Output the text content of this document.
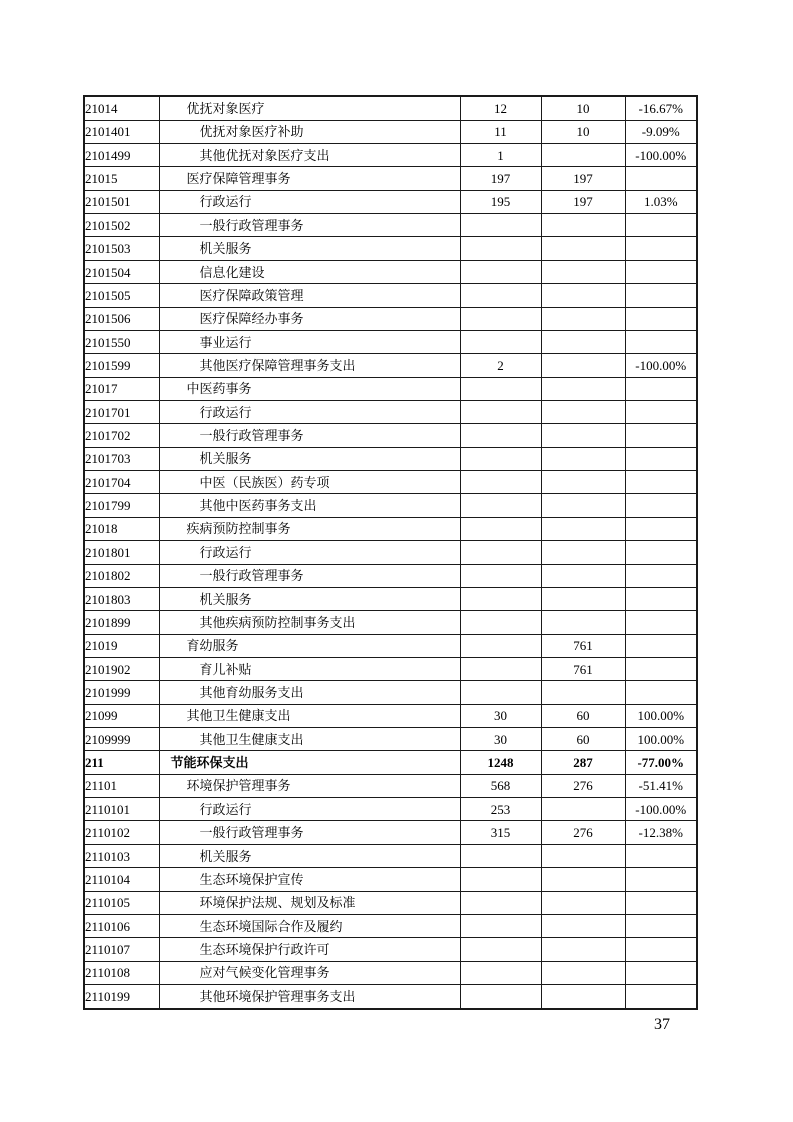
21014	优抚对象医疗	12	10	-16.67%
2101401	优抚对象医疗补助	11	10	-9.09%
2101499	其他优抚对象医疗支出	1		-100.00%
21015	医疗保障管理事务	197	197	
2101501	行政运行	195	197	1.03%
2101502	一般行政管理事务			
2101503	机关服务			
2101504	信息化建设			
2101505	医疗保障政策管理			
2101506	医疗保障经办事务			
2101550	事业运行			
2101599	其他医疗保障管理事务支出	2		-100.00%
21017	中医药事务			
2101701	行政运行			
2101702	一般行政管理事务			
2101703	机关服务			
2101704	中医（民族医）药专项			
2101799	其他中医药事务支出			
21018	疾病预防控制事务			
2101801	行政运行			
2101802	一般行政管理事务			
2101803	机关服务			
2101899	其他疾病预防控制事务支出			
21019	育幼服务		761	
2101902	育儿补贴		761	
2101999	其他育幼服务支出			
21099	其他卫生健康支出	30	60	100.00%
2109999	其他卫生健康支出	30	60	100.00%
211	节能环保支出	1248	287	-77.00%
21101	环境保护管理事务	568	276	-51.41%
2110101	行政运行	253		-100.00%
2110102	一般行政管理事务	315	276	-12.38%
2110103	机关服务			
2110104	生态环境保护宣传			
2110105	环境保护法规、规划及标准			
2110106	生态环境国际合作及履约			
2110107	生态环境保护行政许可			
2110108	应对气候变化管理事务			
2110199	其他环境保护管理事务支出			
37
